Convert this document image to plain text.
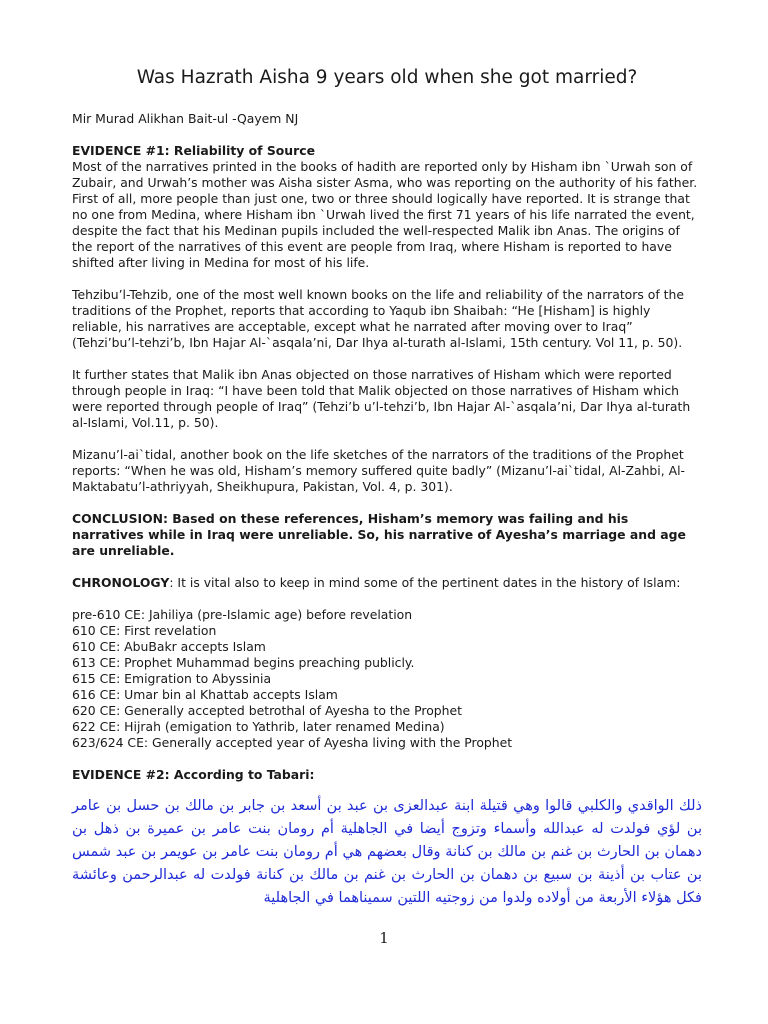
Was Hazrath Aisha 9 years old when she got married?

Mir Murad Alikhan Bait-ul -Qayem NJ

EVIDENCE #1: Reliability of Source
Most of the narratives printed in the books of hadith are reported only by Hisham ibn `Urwah son of Zubair, and Urwah’s mother was Aisha sister Asma, who was reporting on the authority of his father. First of all, more people than just one, two or three should logically have reported. It is strange that no one from Medina, where Hisham ibn `Urwah lived the first 71 years of his life narrated the event, despite the fact that his Medinan pupils included the well-respected Malik ibn Anas. The origins of the report of the narratives of this event are people from Iraq, where Hisham is reported to have shifted after living in Medina for most of his life.

Tehzibu’l-Tehzib, one of the most well known books on the life and reliability of the narrators of the traditions of the Prophet, reports that according to Yaqub ibn Shaibah: “He [Hisham] is highly reliable, his narratives are acceptable, except what he narrated after moving over to Iraq” (Tehzi’bu’l-tehzi’b, Ibn Hajar Al-`asqala’ni, Dar Ihya al-turath al-Islami, 15th century. Vol 11, p. 50).

It further states that Malik ibn Anas objected on those narratives of Hisham which were reported through people in Iraq: “I have been told that Malik objected on those narratives of Hisham which were reported through people of Iraq” (Tehzi’b u’l-tehzi’b, Ibn Hajar Al-`asqala’ni, Dar Ihya al-turath al-Islami, Vol.11, p. 50).

Mizanu’l-ai`tidal, another book on the life sketches of the narrators of the traditions of the Prophet reports: “When he was old, Hisham’s memory suffered quite badly” (Mizanu’l-ai`tidal, Al-Zahbi, Al-Maktabatu’l-athriyyah, Sheikhupura, Pakistan, Vol. 4, p. 301).

CONCLUSION: Based on these references, Hisham’s memory was failing and his narratives while in Iraq were unreliable. So, his narrative of Ayesha’s marriage and age are unreliable.

CHRONOLOGY: It is vital also to keep in mind some of the pertinent dates in the history of Islam:

pre-610 CE: Jahiliya (pre-Islamic age) before revelation
610 CE: First revelation
610 CE: AbuBakr accepts Islam
613 CE: Prophet Muhammad begins preaching publicly.
615 CE: Emigration to Abyssinia
616 CE: Umar bin al Khattab accepts Islam
620 CE: Generally accepted betrothal of Ayesha to the Prophet
622 CE: Hijrah (emigation to Yathrib, later renamed Medina)
623/624 CE: Generally accepted year of Ayesha living with the Prophet

EVIDENCE #2: According to Tabari:

ذلك الواقدي والكلبي قالوا وهي قتيلة ابنة عبدالعزى بن عبد بن أسعد بن جابر بن مالك بن حسل بن عامر بن لؤي فولدت له عبدالله وأسماء وتزوج أيضا في الجاهلية أم رومان بنت عامر بن عميرة بن ذهل بن دهمان بن الحارث بن غنم بن مالك بن كنانة وقال بعضهم هي أم رومان بنت عامر بن عويمر بن عبد شمس بن عتاب بن أذينة بن سبيع بن دهمان بن الحارث بن غنم بن مالك بن كنانة فولدت له عبدالرحمن وعائشة فكل هؤلاء الأربعة من أولاده ولدوا من زوجتيه اللتين سميناهما في الجاهلية

1
